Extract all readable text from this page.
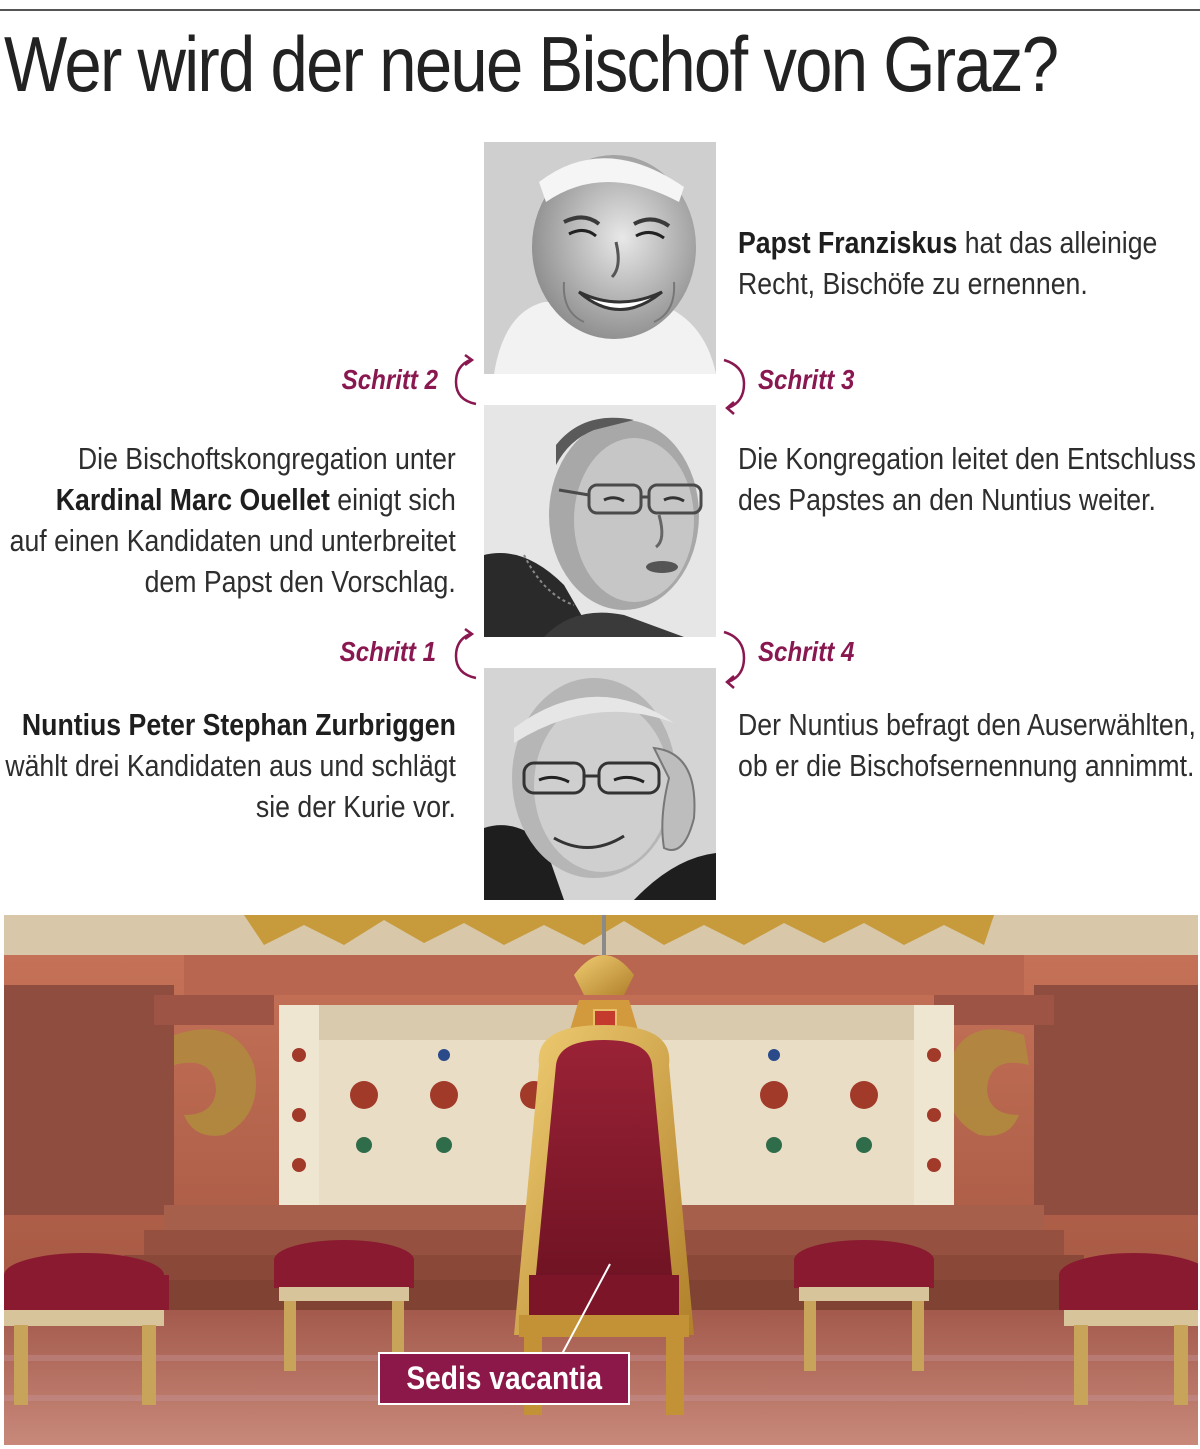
Wer wird der neue Bischof von Graz?
Papst Franziskus hat das alleinige
Recht, Bischöfe zu ernennen.
Schritt 2	Schritt 3
Die Bischoftskongregation unter
Kardinal Marc Ouellet einigt sich
auf einen Kandidaten und unterbreitet
dem Papst den Vorschlag.
Die Kongregation leitet den Entschluss
des Papstes an den Nuntius weiter.
Schritt 1	Schritt 4
Nuntius Peter Stephan Zurbriggen
wählt drei Kandidaten aus und schlägt
sie der Kurie vor.
Der Nuntius befragt den Auserwählten,
ob er die Bischofsernennung annimmt.
Sedis vacantia
